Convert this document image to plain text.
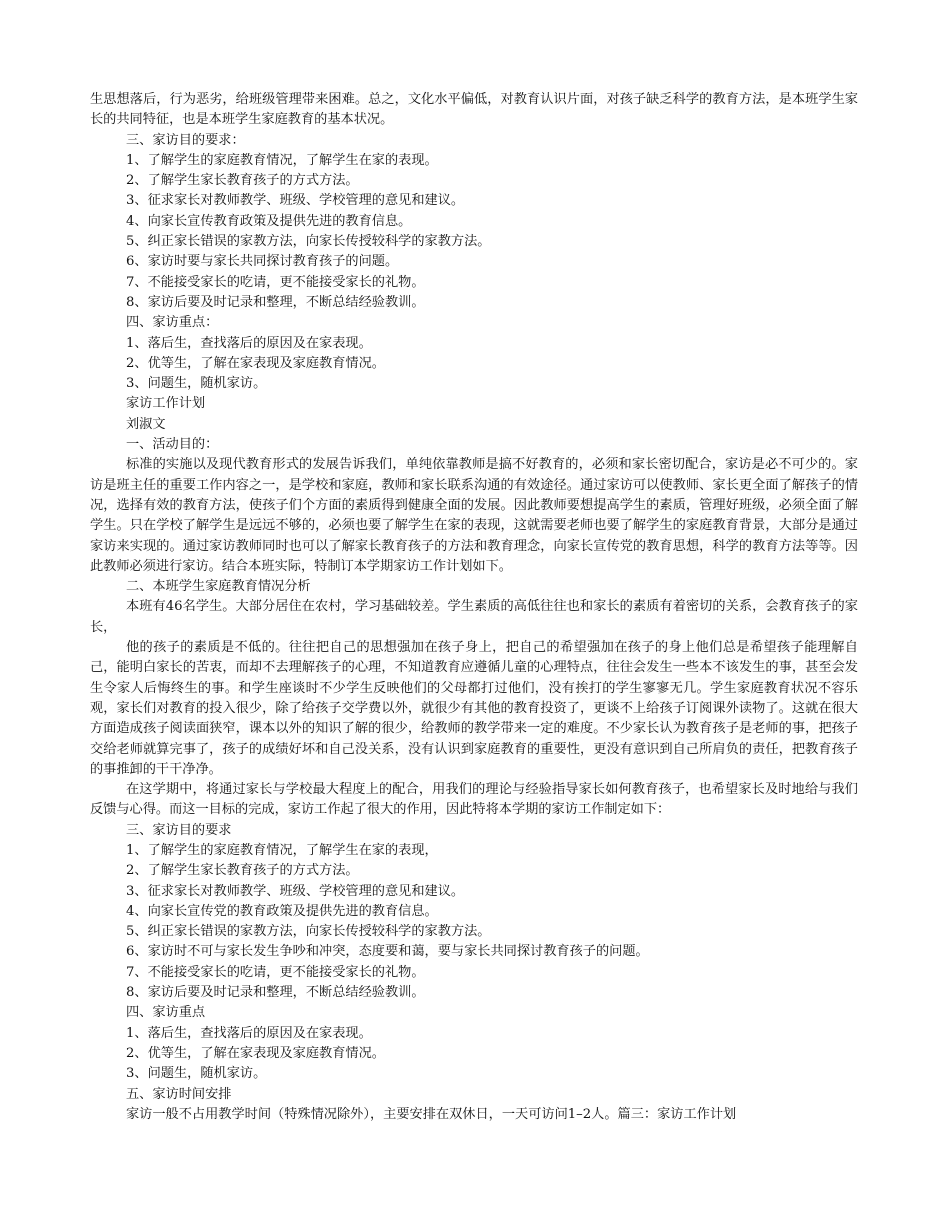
生思想落后，行为恶劣，给班级管理带来困难。总之，文化水平偏低，对教育认识片面，对孩子缺乏科学的教育方法，是本班学生家长的共同特征，也是本班学生家庭教育的基本状况。

三、家访目的要求：

1、了解学生的家庭教育情况，了解学生在家的表现。

2、了解学生家长教育孩子的方式方法。

3、征求家长对教师教学、班级、学校管理的意见和建议。

4、向家长宣传教育政策及提供先进的教育信息。

5、纠正家长错误的家教方法，向家长传授较科学的家教方法。

6、家访时要与家长共同探讨教育孩子的问题。

7、不能接受家长的吃请，更不能接受家长的礼物。

8、家访后要及时记录和整理，不断总结经验教训。

四、家访重点：

1、落后生，查找落后的原因及在家表现。

2、优等生，了解在家表现及家庭教育情况。

3、问题生，随机家访。

家访工作计划

刘淑文

一、活动目的：

标准的实施以及现代教育形式的发展告诉我们，单纯依靠教师是搞不好教育的，必须和家长密切配合，家访是必不可少的。家访是班主任的重要工作内容之一，是学校和家庭，教师和家长联系沟通的有效途径。通过家访可以使教师、家长更全面了解孩子的情况，选择有效的教育方法，使孩子们个方面的素质得到健康全面的发展。因此教师要想提高学生的素质，管理好班级，必须全面了解学生。只在学校了解学生是远远不够的，必须也要了解学生在家的表现，这就需要老师也要了解学生的家庭教育背景，大部分是通过家访来实现的。通过家访教师同时也可以了解家长教育孩子的方法和教育理念，向家长宣传党的教育思想，科学的教育方法等等。因此教师必须进行家访。结合本班实际，特制订本学期家访工作计划如下。

二、本班学生家庭教育情况分析

本班有46名学生。大部分居住在农村，学习基础较差。学生素质的高低往往也和家长的素质有着密切的关系，会教育孩子的家长，

他的孩子的素质是不低的。往往把自己的思想强加在孩子身上，把自己的希望强加在孩子的身上他们总是希望孩子能理解自己，能明白家长的苦衷，而却不去理解孩子的心理，不知道教育应遵循儿童的心理特点，往往会发生一些本不该发生的事，甚至会发生令家人后悔终生的事。和学生座谈时不少学生反映他们的父母都打过他们，没有挨打的学生寥寥无几。学生家庭教育状况不容乐观，家长们对教育的投入很少，除了给孩子交学费以外，就很少有其他的教育投资了，更谈不上给孩子订阅课外读物了。这就在很大方面造成孩子阅读面狭窄，课本以外的知识了解的很少，给教师的教学带来一定的难度。不少家长认为教育孩子是老师的事，把孩子交给老师就算完事了，孩子的成绩好坏和自己没关系，没有认识到家庭教育的重要性，更没有意识到自己所肩负的责任，把教育孩子的事推卸的干干净净。

在这学期中，将通过家长与学校最大程度上的配合，用我们的理论与经验指导家长如何教育孩子，也希望家长及时地给与我们反馈与心得。而这一目标的完成，家访工作起了很大的作用，因此特将本学期的家访工作制定如下：

三、家访目的要求

1、了解学生的家庭教育情况，了解学生在家的表现，

2、了解学生家长教育孩子的方式方法。

3、征求家长对教师教学、班级、学校管理的意见和建议。

4、向家长宣传党的教育政策及提供先进的教育信息。

5、纠正家长错误的家教方法，向家长传授较科学的家教方法。

6、家访时不可与家长发生争吵和冲突，态度要和蔼，要与家长共同探讨教育孩子的问题。

7、不能接受家长的吃请，更不能接受家长的礼物。

8、家访后要及时记录和整理，不断总结经验教训。

四、家访重点

1、落后生，查找落后的原因及在家表现。

2、优等生，了解在家表现及家庭教育情况。

3、问题生，随机家访。

五、家访时间安排

家访一般不占用教学时间（特殊情况除外），主要安排在双休日，一天可访问1–2人。篇三：家访工作计划
